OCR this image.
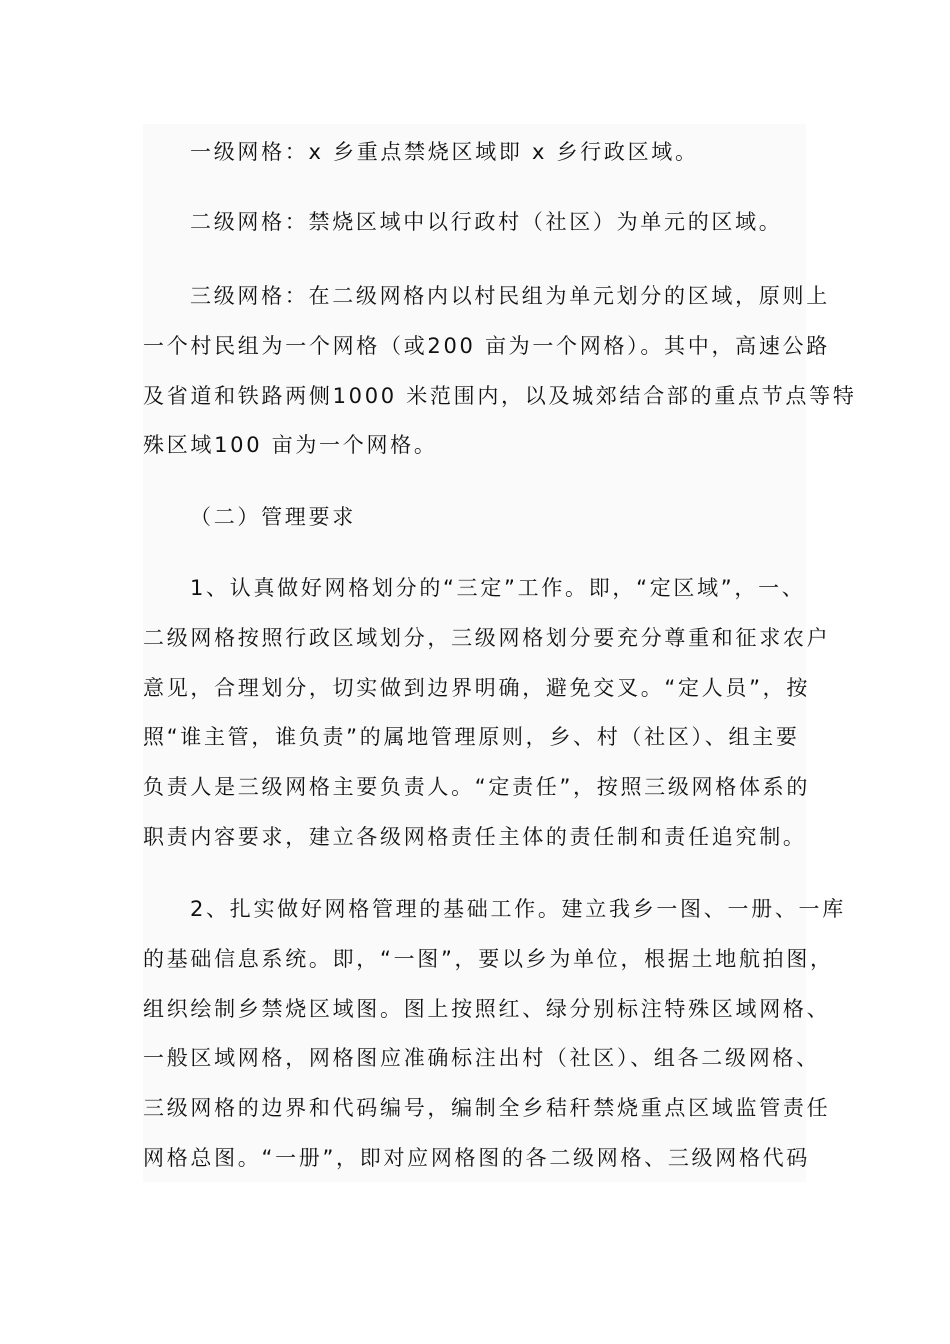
一级网格：x 乡重点禁烧区域即 x 乡行政区域。

二级网格：禁烧区域中以行政村（社区）为单元的区域。

三级网格：在二级网格内以村民组为单元划分的区域，原则上
一个村民组为一个网格（或200 亩为一个网格）。其中，高速公路
及省道和铁路两侧1000 米范围内，以及城郊结合部的重点节点等特
殊区域100 亩为一个网格。

（二）管理要求

1、认真做好网格划分的“三定”工作。即，“定区域”，一、
二级网格按照行政区域划分，三级网格划分要充分尊重和征求农户
意见，合理划分，切实做到边界明确，避免交叉。“定人员”，按
照“谁主管，谁负责”的属地管理原则，乡、村（社区）、组主要
负责人是三级网格主要负责人。“定责任”，按照三级网格体系的
职责内容要求，建立各级网格责任主体的责任制和责任追究制。

2、扎实做好网格管理的基础工作。建立我乡一图、一册、一库
的基础信息系统。即，“一图”，要以乡为单位，根据土地航拍图，
组织绘制乡禁烧区域图。图上按照红、绿分别标注特殊区域网格、
一般区域网格，网格图应准确标注出村（社区）、组各二级网格、
三级网格的边界和代码编号，编制全乡秸秆禁烧重点区域监管责任
网格总图。“一册”，即对应网格图的各二级网格、三级网格代码
